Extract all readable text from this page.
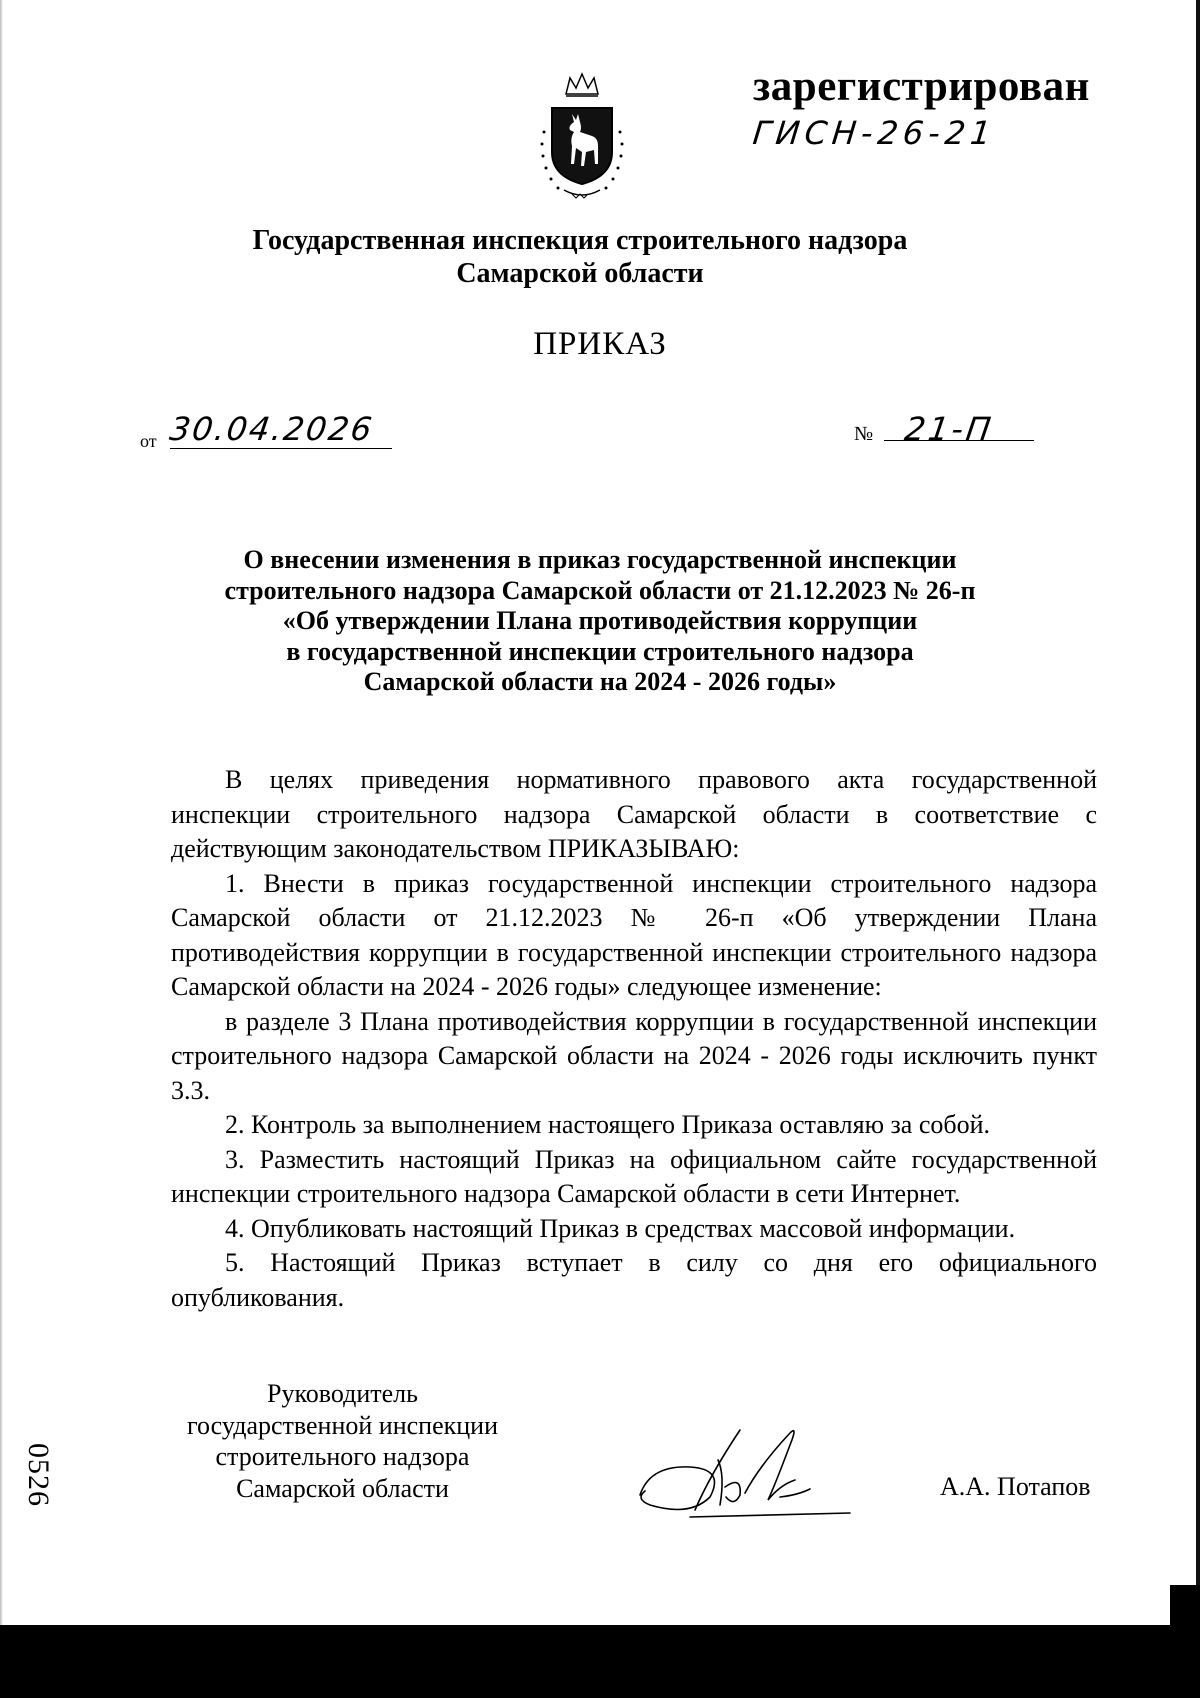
зарегистрирован
ГИСН-26-21
Государственная инспекция строительного надзора
Самарской области
ПРИКАЗ
от 30.04.2026	№ 21-П
О внесении изменения в приказ государственной инспекции
строительного надзора Самарской области от 21.12.2023 № 26-п
«Об утверждении Плана противодействия коррупции
в государственной инспекции строительного надзора
Самарской области на 2024 - 2026 годы»

В целях приведения нормативного правового акта государственной инспекции строительного надзора Самарской области в соответствие с действующим законодательством ПРИКАЗЫВАЮ:

1. Внести в приказ государственной инспекции строительного надзора Самарской области от 21.12.2023 № 26-п «Об утверждении Плана противодействия коррупции в государственной инспекции строительного надзора Самарской области на 2024 - 2026 годы» следующее изменение:

в разделе 3 Плана противодействия коррупции в государственной инспекции строительного надзора Самарской области на 2024 - 2026 годы исключить пункт 3.3.

2. Контроль за выполнением настоящего Приказа оставляю за собой.

3. Разместить настоящий Приказ на официальном сайте государственной инспекции строительного надзора Самарской области в сети Интернет.

4. Опубликовать настоящий Приказ в средствах массовой информации.

5. Настоящий Приказ вступает в силу со дня его официального опубликования.

Руководитель
государственной инспекции
строительного надзора
Самарской области	А.А. Потапов
0526
